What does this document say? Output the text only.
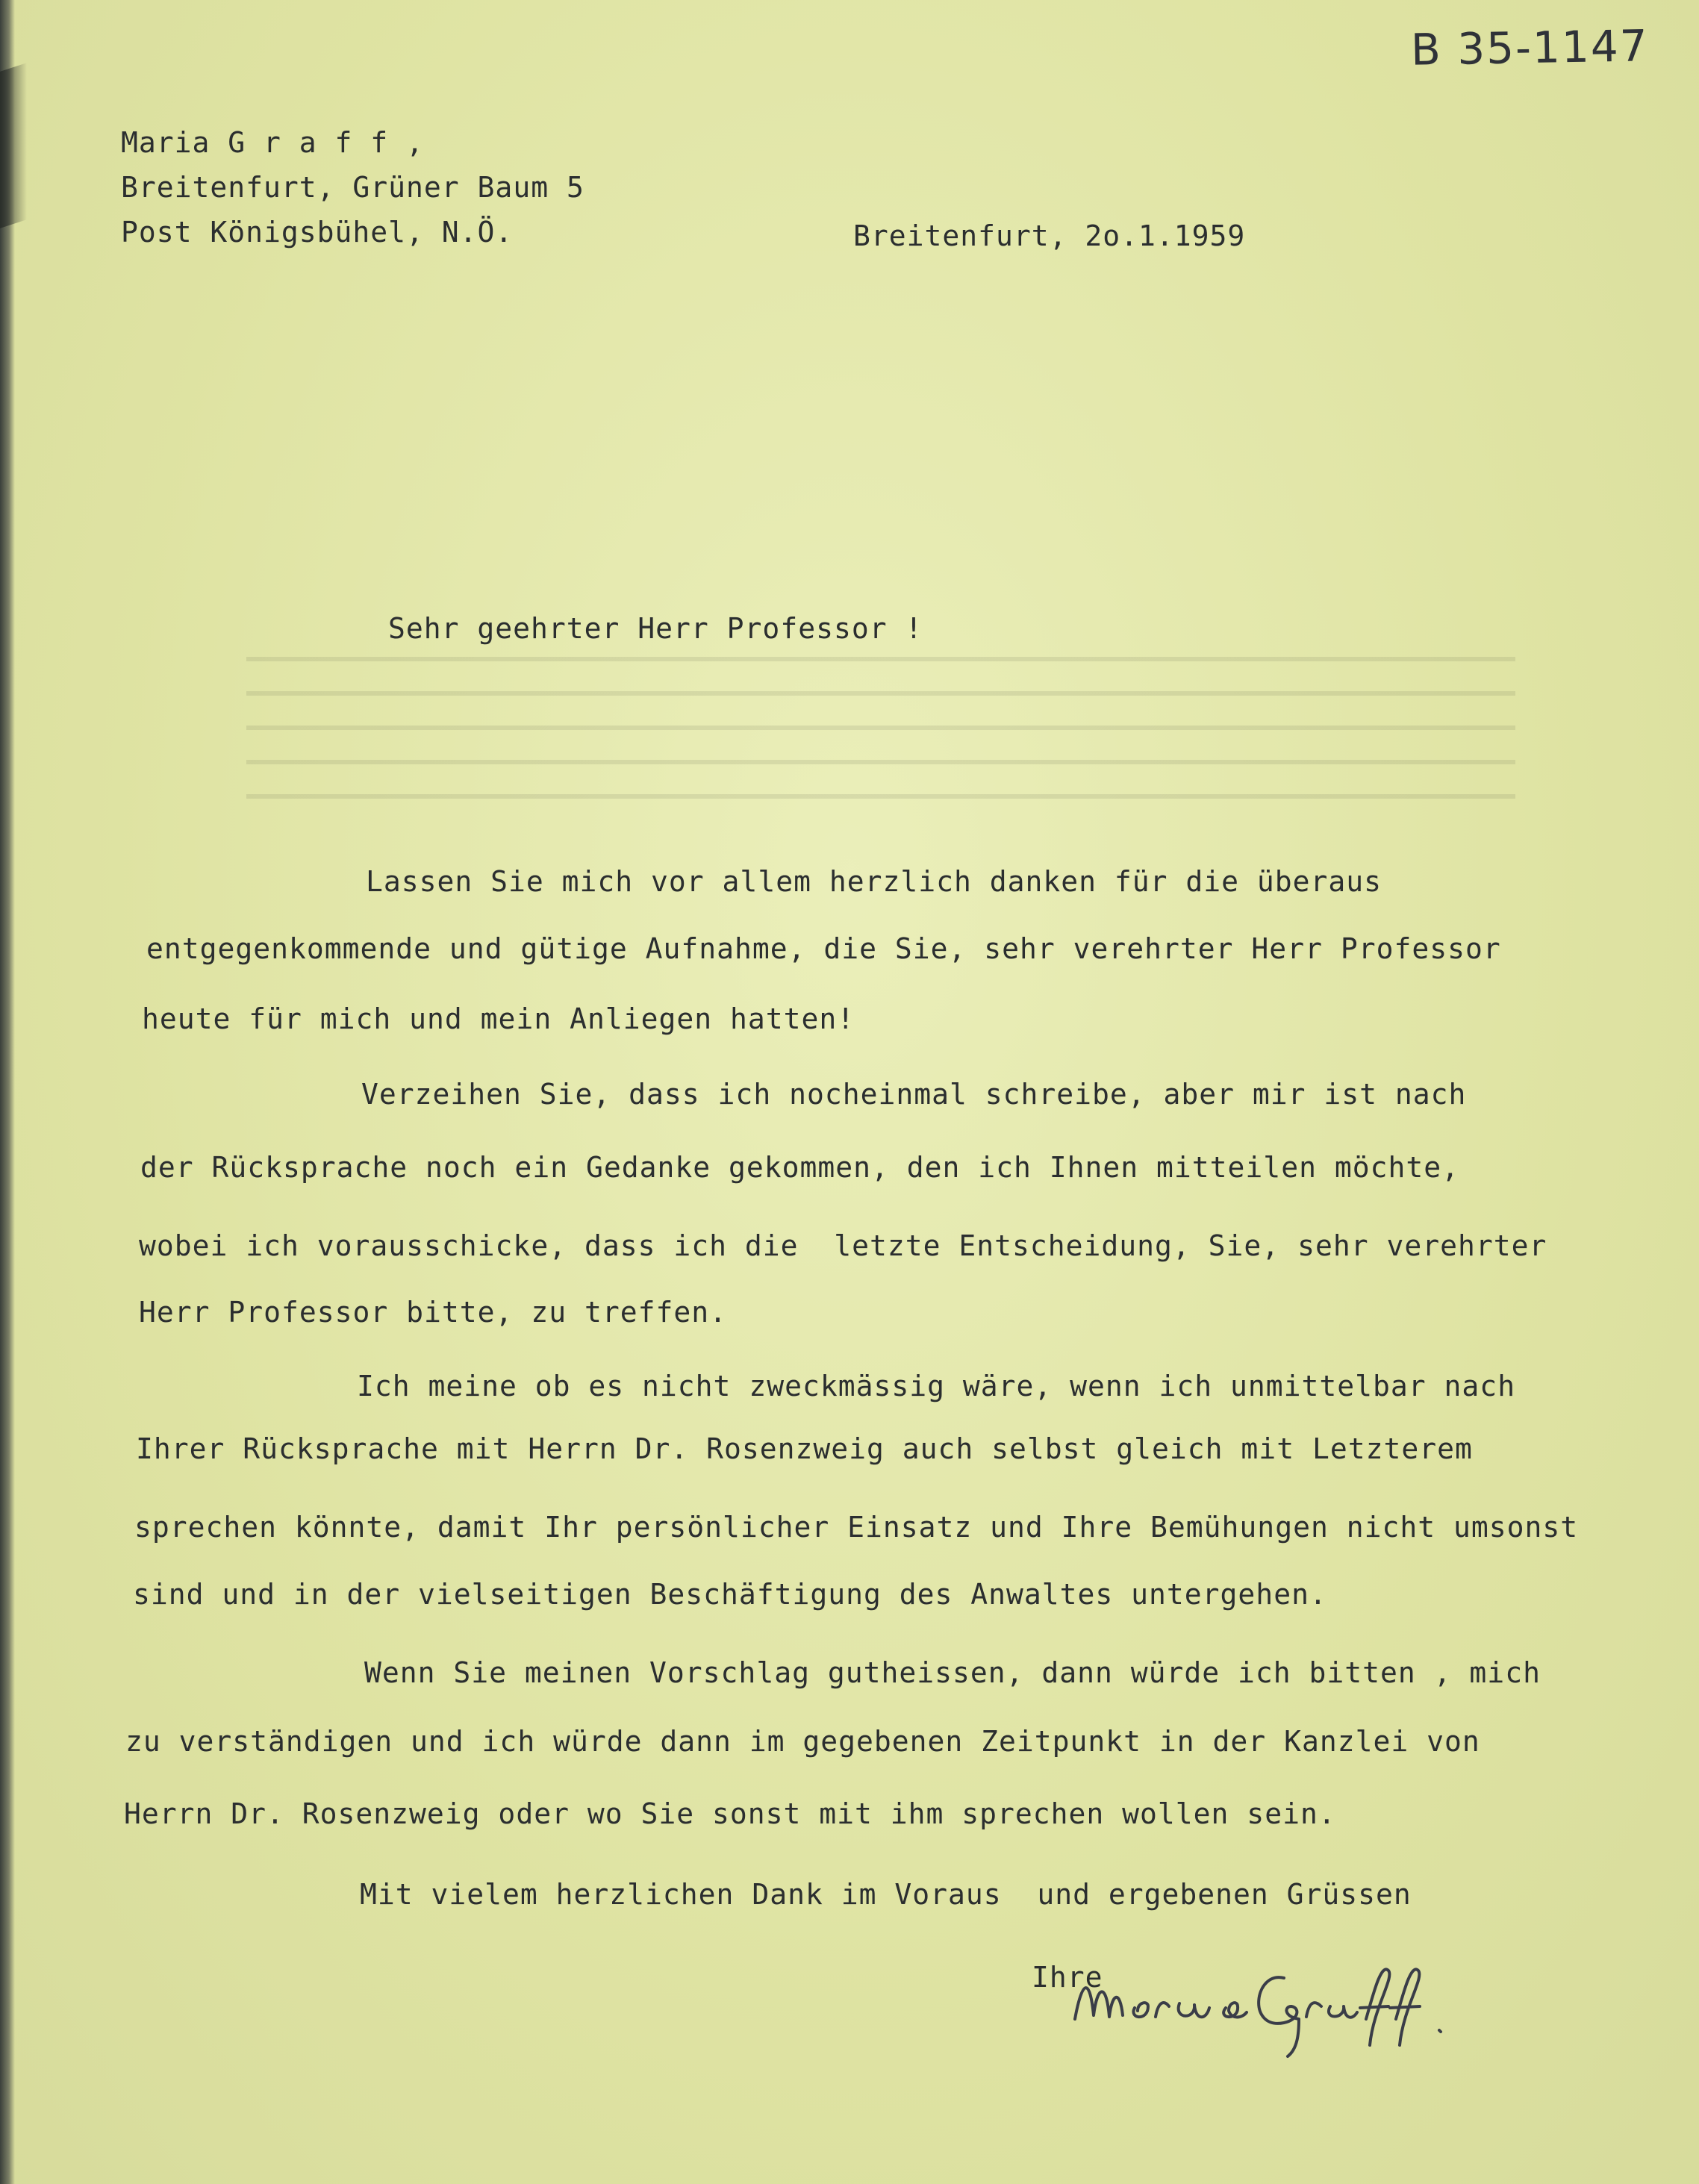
B 35-1147
Maria G r a f f ,
Breitenfurt, Grüner Baum 5
Post Königsbühel, N.Ö.	Breitenfurt, 2o.1.1959
Sehr geehrter Herr Professor !
Lassen Sie mich vor allem herzlich danken für die überaus
entgegenkommende und gütige Aufnahme, die Sie, sehr verehrter Herr Professor
heute für mich und mein Anliegen hatten!
Verzeihen Sie, dass ich nocheinmal schreibe, aber mir ist nach
der Rücksprache noch ein Gedanke gekommen, den ich Ihnen mitteilen möchte,
wobei ich vorausschicke, dass ich die  letzte Entscheidung, Sie, sehr verehrter
Herr Professor bitte, zu treffen.
Ich meine ob es nicht zweckmässig wäre, wenn ich unmittelbar nach
Ihrer Rücksprache mit Herrn Dr. Rosenzweig auch selbst gleich mit Letzterem
sprechen könnte, damit Ihr persönlicher Einsatz und Ihre Bemühungen nicht umsonst
sind und in der vielseitigen Beschäftigung des Anwaltes untergehen.
Wenn Sie meinen Vorschlag gutheissen, dann würde ich bitten , mich
zu verständigen und ich würde dann im gegebenen Zeitpunkt in der Kanzlei von
Herrn Dr. Rosenzweig oder wo Sie sonst mit ihm sprechen wollen sein.
Mit vielem herzlichen Dank im Voraus  und ergebenen Grüssen
Ihre
